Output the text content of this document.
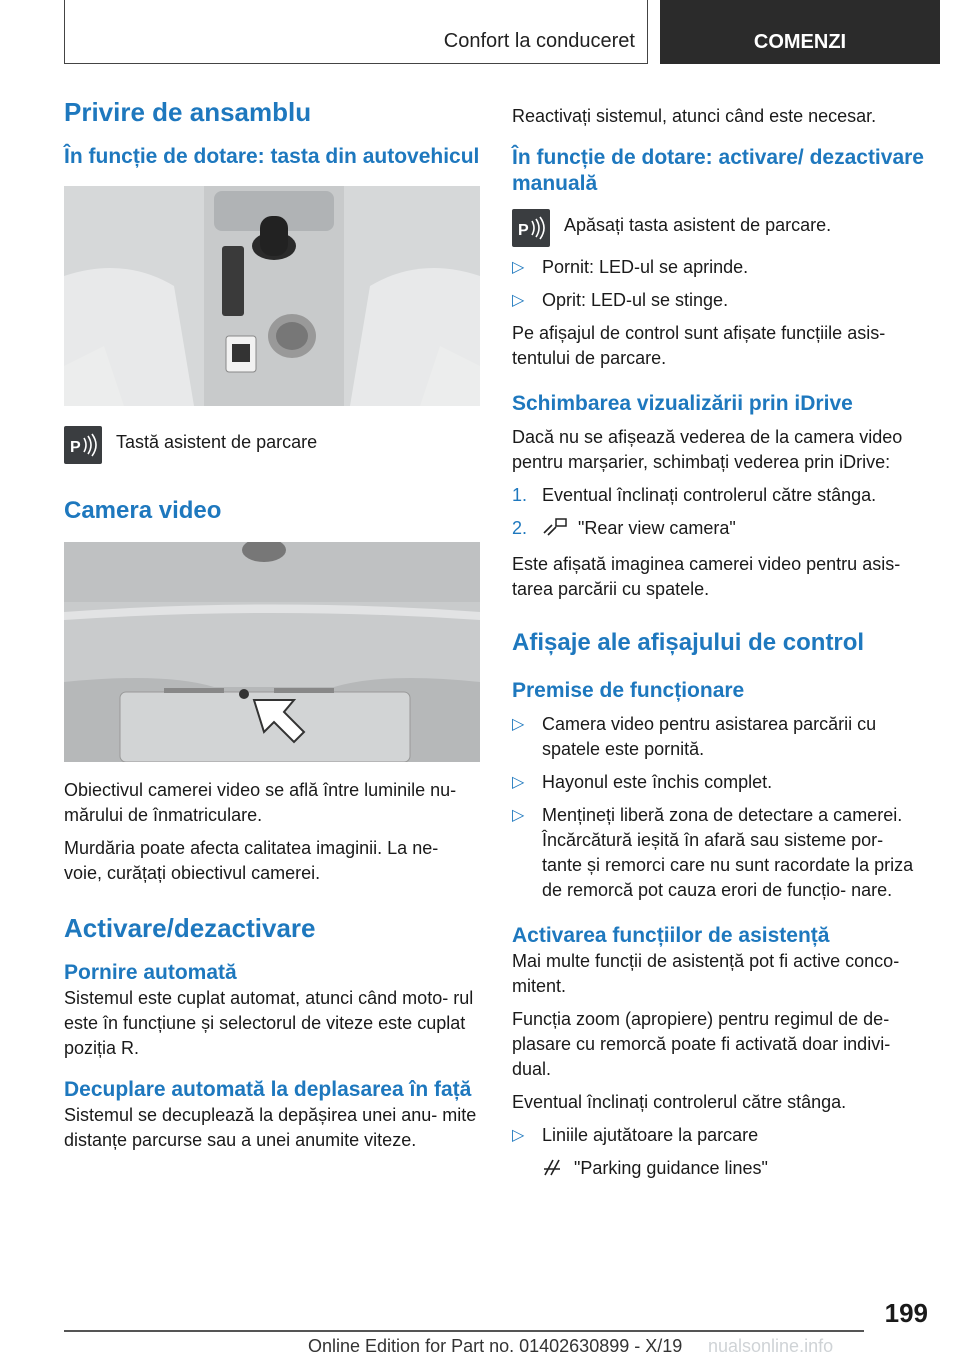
Confort la conduceret	COMENZI
Privire de ansamblu
În funcție de dotare: tasta din autovehicul
P Tastă asistent de parcare

Camera video

Obiectivul camerei video se află între luminile nu- mărului de înmatriculare.

Murdăria poate afecta calitatea imaginii. La ne- voie, curățați obiectivul camerei.

Activare/dezactivare
Pornire automată

Sistemul este cuplat automat, atunci când moto- rul este în funcțiune și selectorul de viteze este cuplat poziția R.

Decuplare automată la deplasarea în față

Sistemul se decuplează la depășirea unei anu- mite distanțe parcurse sau a unei anumite viteze.

Reactivați sistemul, atunci când este necesar.

În funcție de dotare: activare/ dezactivare manuală
P Apăsați tasta asistent de parcare.

▷ Pornit: LED-ul se aprinde.
▷ Oprit: LED-ul se stinge.

Pe afișajul de control sunt afișate funcțiile asis- tentului de parcare.

Schimbarea vizualizării prin iDrive

Dacă nu se afișează vederea de la camera video pentru marșarier, schimbați vederea prin iDrive:

1. Eventual înclinați controlerul către stânga.
2.	"Rear view camera"

Este afișată imaginea camerei video pentru asis- tarea parcării cu spatele.

Afișaje ale afișajului de control
Premise de funcționare
▷ Camera video pentru asistarea parcării cu spatele este pornită.
▷ Hayonul este închis complet.
▷ Mențineți liberă zona de detectare a camerei. Încărcătură ieșită în afară sau sisteme por- tante și remorci care nu sunt racordate la priza de remorcă pot cauza erori de funcțio- nare.
Activarea funcțiilor de asistență

Mai multe funcții de asistență pot fi active conco- mitent.

Funcția zoom (apropiere) pentru regimul de de- plasare cu remorcă poate fi activată doar indivi- dual.

Eventual înclinați controlerul către stânga.

▷ Liniile ajutătoare la parcare

"Parking guidance lines"

199
Online Edition for Part no. 01402630899 - X/19 nualsonline.info
